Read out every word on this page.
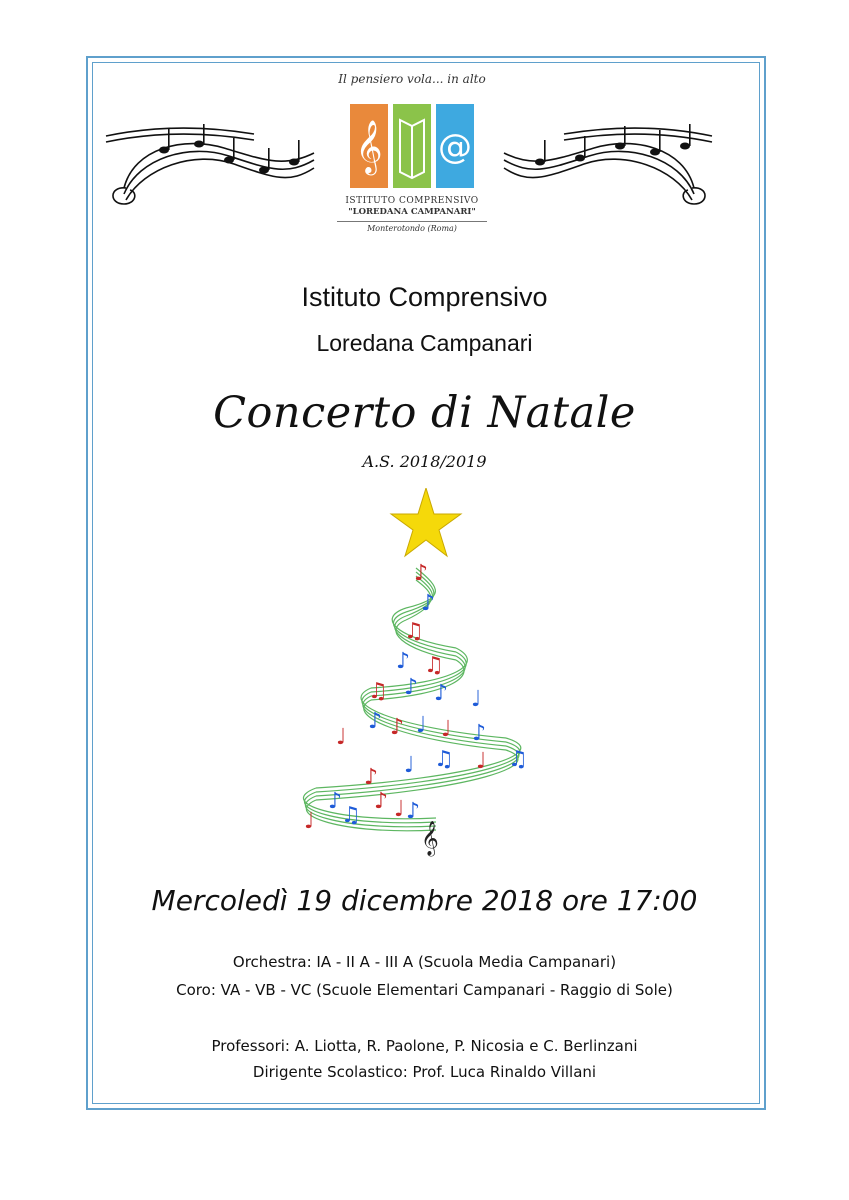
Il pensiero vola... in alto
𝄞 @
ISTITUTO COMPRENSIVO
"LOREDANA CAMPANARI"
Monterotondo (Roma)
Istituto Comprensivo
Loredana Campanari
Concerto di Natale
A.S. 2018/2019
♪
♪
♫
♪ ♫
♫ ♪ ♪ ♩
♩
♪ ♪ ♩ ♩ ♪
♪ ♩ ♫ ♩ ♫
♩
♪
♫
♪ ♩ ♪
𝄞
Mercoledì 19 dicembre 2018 ore 17:00
Orchestra: IA - II A - III A (Scuola Media Campanari)
Coro: VA - VB - VC (Scuole Elementari Campanari - Raggio di Sole)
Professori: A. Liotta, R. Paolone, P. Nicosia e C. Berlinzani
Dirigente Scolastico: Prof. Luca Rinaldo Villani
